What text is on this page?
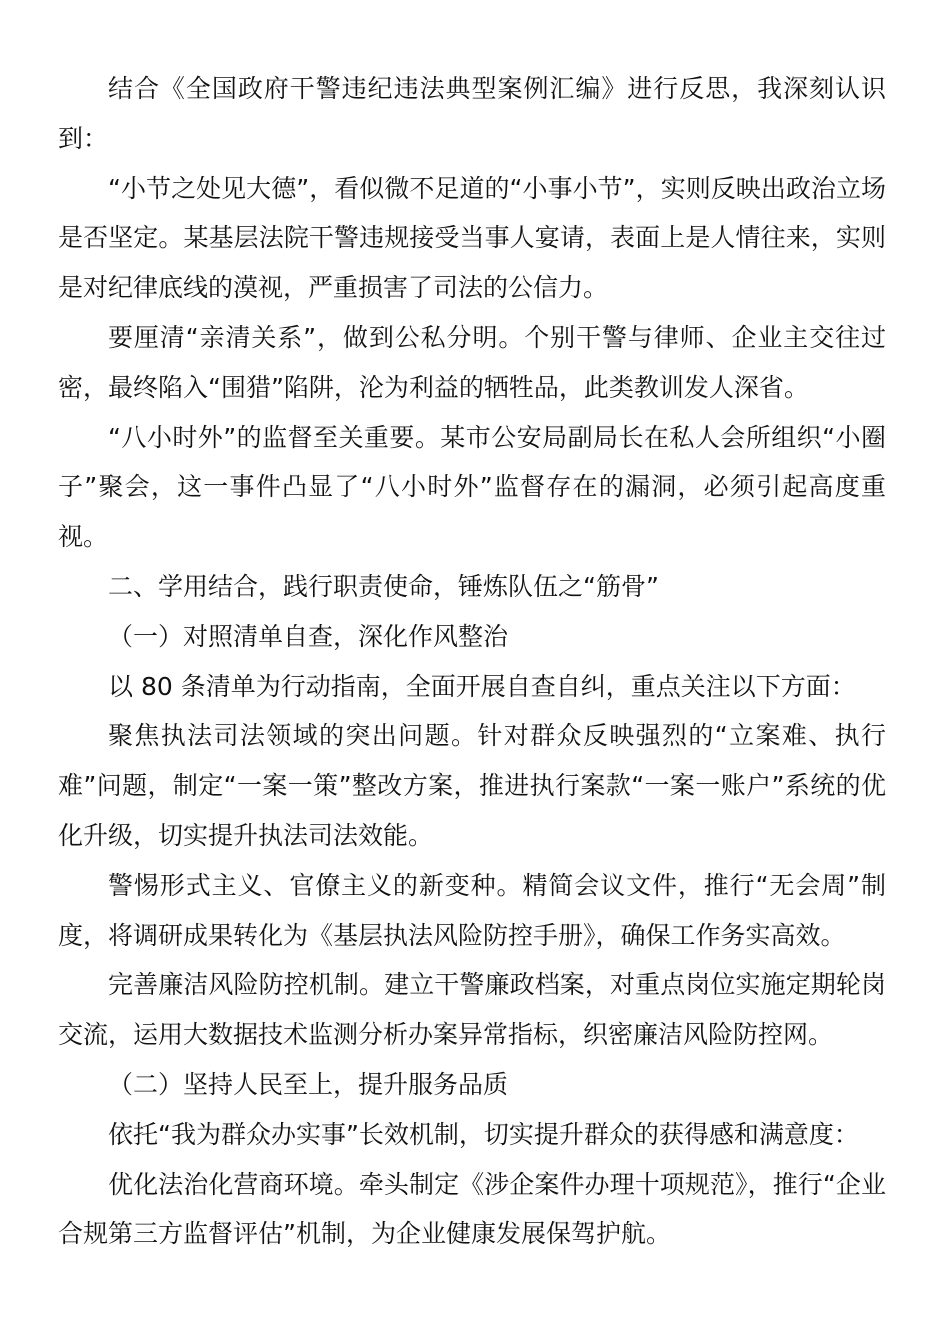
结合《全国政府干警违纪违法典型案例汇编》进行反思，我深刻认识到：

“小节之处见大德”，看似微不足道的“小事小节”，实则反映出政治立场是否坚定。某基层法院干警违规接受当事人宴请，表面上是人情往来，实则是对纪律底线的漠视，严重损害了司法的公信力。

要厘清“亲清关系”，做到公私分明。个别干警与律师、企业主交往过密，最终陷入“围猎”陷阱，沦为利益的牺牲品，此类教训发人深省。

“八小时外”的监督至关重要。某市公安局副局长在私人会所组织“小圈子”聚会，这一事件凸显了“八小时外”监督存在的漏洞，必须引起高度重视。

二、学用结合，践行职责使命，锤炼队伍之“筋骨”

（一）对照清单自查，深化作风整治

以 80 条清单为行动指南，全面开展自查自纠，重点关注以下方面：

聚焦执法司法领域的突出问题。针对群众反映强烈的“立案难、执行难”问题，制定“一案一策”整改方案，推进执行案款“一案一账户”系统的优化升级，切实提升执法司法效能。

警惕形式主义、官僚主义的新变种。精简会议文件，推行“无会周”制度，将调研成果转化为《基层执法风险防控手册》，确保工作务实高效。

完善廉洁风险防控机制。建立干警廉政档案，对重点岗位实施定期轮岗交流，运用大数据技术监测分析办案异常指标，织密廉洁风险防控网。

（二）坚持人民至上，提升服务品质

依托“我为群众办实事”长效机制，切实提升群众的获得感和满意度：

优化法治化营商环境。牵头制定《涉企案件办理十项规范》，推行“企业合规第三方监督评估”机制，为企业健康发展保驾护航。
